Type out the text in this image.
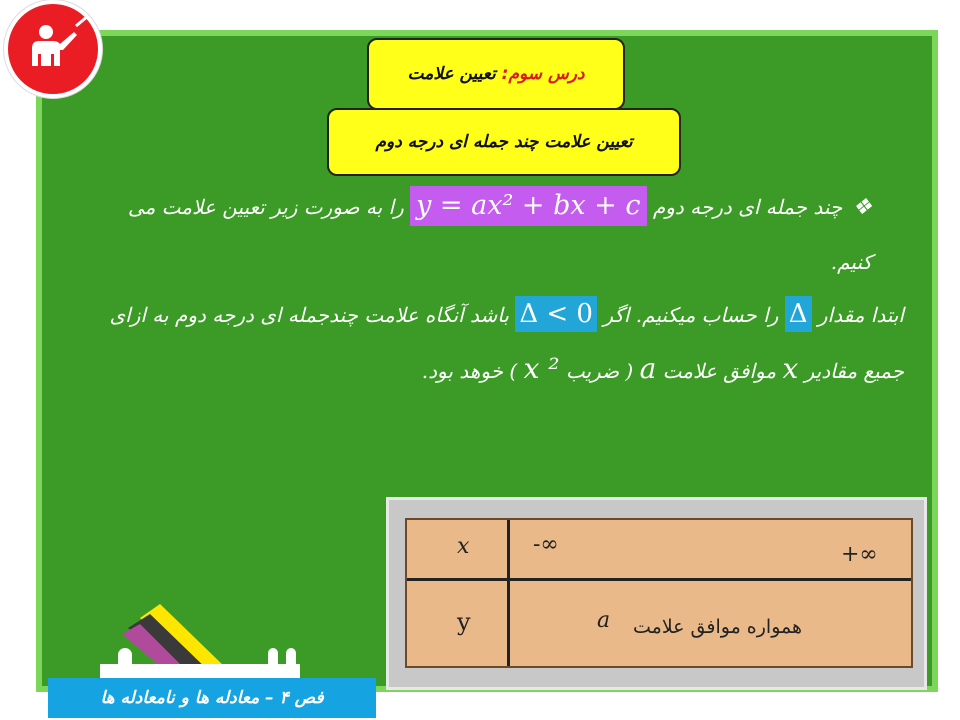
درس سوم:
تعیین علامت
تعیین علامت چند جمله ای درجه دوم
❖چند جمله ای درجه دوم y = ax² + bx + c را به صورت زیر تعیین علامت می کنیم.
ابتدا مقدار Δ را حساب میکنیم. اگر Δ < 0 باشد آنگاه علامت چندجمله ای درجه دوم به ازای جمیع مقادیر x موافق علامت a ( ضریب x ² ) خوهد بود.
x	-∞	+∞
y	a همواره موافق علامت
فص ۴ – معادله ها و نامعادله ها
